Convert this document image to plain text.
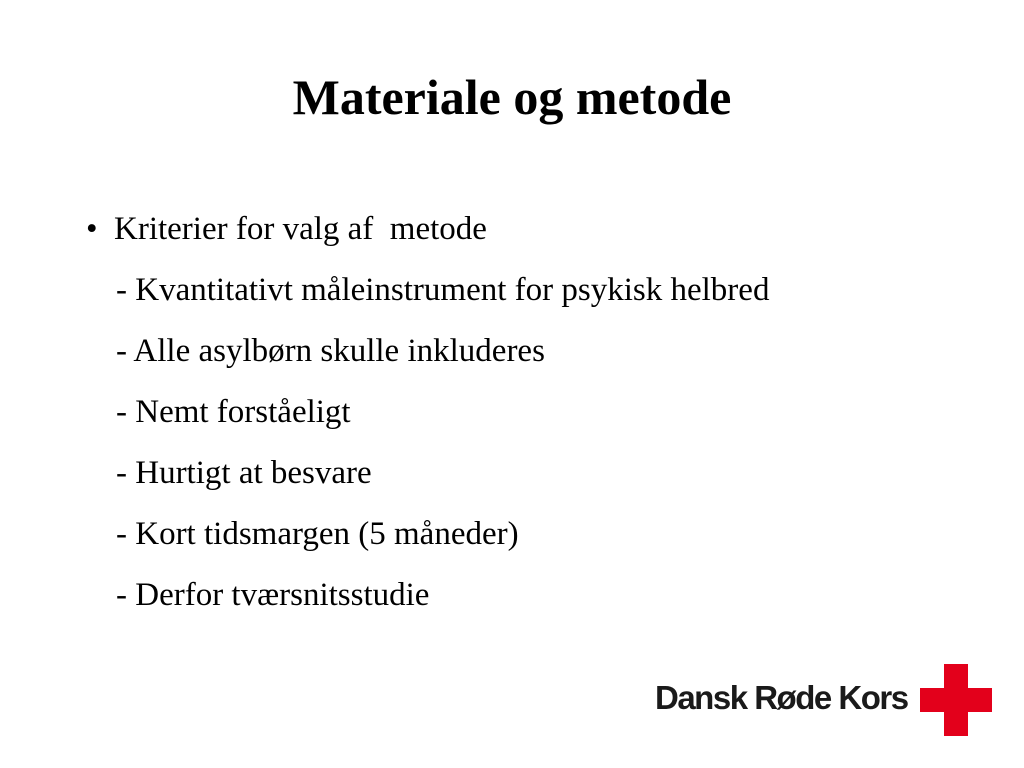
Materiale og metode
• Kriterier for valg af  metode
- Kvantitativt måleinstrument for psykisk helbred
- Alle asylbørn skulle inkluderes
- Nemt forståeligt
- Hurtigt at besvare
- Kort tidsmargen (5 måneder)
- Derfor tværsnitsstudie
Dansk Røde Kors
